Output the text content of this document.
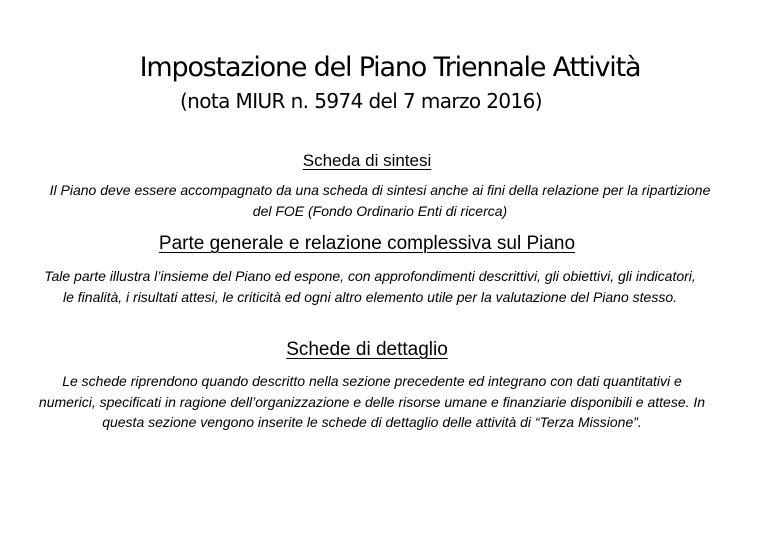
Impostazione del Piano Triennale Attività
(nota MIUR n. 5974 del 7 marzo 2016)
Scheda di sintesi

Il Piano deve essere accompagnato da una scheda di sintesi anche ai fini della relazione per la ripartizione del FOE (Fondo Ordinario Enti di ricerca)

Parte generale e relazione complessiva sul Piano

Tale parte illustra l’insieme del Piano ed espone, con approfondimenti descrittivi, gli obiettivi, gli indicatori, le finalità, i risultati attesi, le criticità ed ogni altro elemento utile per la valutazione del Piano stesso.

Schede di dettaglio

Le schede riprendono quando descritto nella sezione precedente ed integrano con dati quantitativi e numerici, specificati in ragione dell’organizzazione e delle risorse umane e finanziarie disponibili e attese. In questa sezione vengono inserite le schede di dettaglio delle attività di “Terza Missione”.
